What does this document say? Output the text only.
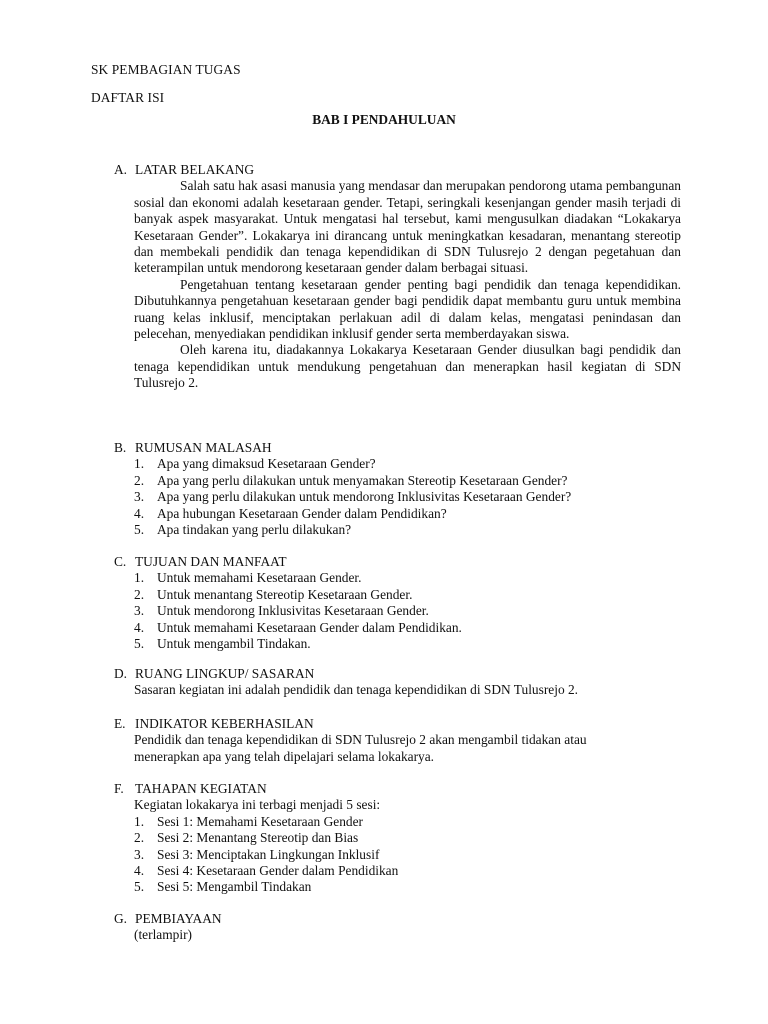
SK PEMBAGIAN TUGAS
DAFTAR ISI
BAB I PENDAHULUAN
A. LATAR BELAKANG

Salah satu hak asasi manusia yang mendasar dan merupakan pendorong utama pembangunan sosial dan ekonomi adalah kesetaraan gender. Tetapi, seringkali kesenjangan gender masih terjadi di banyak aspek masyarakat. Untuk mengatasi hal tersebut, kami mengusulkan diadakan “Lokakarya Kesetaraan Gender”. Lokakarya ini dirancang untuk meningkatkan kesadaran, menantang stereotip dan membekali pendidik dan tenaga kependidikan di SDN Tulusrejo 2 dengan pegetahuan dan keterampilan untuk mendorong kesetaraan gender dalam berbagai situasi.

Pengetahuan tentang kesetaraan gender penting bagi pendidik dan tenaga kependidikan. Dibutuhkannya pengetahuan kesetaraan gender bagi pendidik dapat membantu guru untuk membina ruang kelas inklusif, menciptakan perlakuan adil di dalam kelas, mengatasi penindasan dan pelecehan, menyediakan pendidikan inklusif gender serta memberdayakan siswa.

Oleh karena itu, diadakannya Lokakarya Kesetaraan Gender diusulkan bagi pendidik dan tenaga kependidikan untuk mendukung pengetahuan dan menerapkan hasil kegiatan di SDN Tulusrejo 2.

B. RUMUSAN MALASAH
1. Apa yang dimaksud Kesetaraan Gender?
2. Apa yang perlu dilakukan untuk menyamakan Stereotip Kesetaraan Gender?
3. Apa yang perlu dilakukan untuk mendorong Inklusivitas Kesetaraan Gender?
4. Apa hubungan Kesetaraan Gender dalam Pendidikan?
5. Apa tindakan yang perlu dilakukan?
C. TUJUAN DAN MANFAAT
1. Untuk memahami Kesetaraan Gender.
2. Untuk menantang Stereotip Kesetaraan Gender.
3. Untuk mendorong Inklusivitas Kesetaraan Gender.
4. Untuk memahami Kesetaraan Gender dalam Pendidikan.
5. Untuk mengambil Tindakan.
D. RUANG LINGKUP/ SASARAN

Sasaran kegiatan ini adalah pendidik dan tenaga kependidikan di SDN Tulusrejo 2.

E. INDIKATOR KEBERHASILAN

Pendidik dan tenaga kependidikan di SDN Tulusrejo 2 akan mengambil tidakan atau menerapkan apa yang telah dipelajari selama lokakarya.

F. TAHAPAN KEGIATAN

Kegiatan lokakarya ini terbagi menjadi 5 sesi:

1. Sesi 1: Memahami Kesetaraan Gender
2. Sesi 2: Menantang Stereotip dan Bias
3. Sesi 3: Menciptakan Lingkungan Inklusif
4. Sesi 4: Kesetaraan Gender dalam Pendidikan
5. Sesi 5: Mengambil Tindakan
G. PEMBIAYAAN

(terlampir)
